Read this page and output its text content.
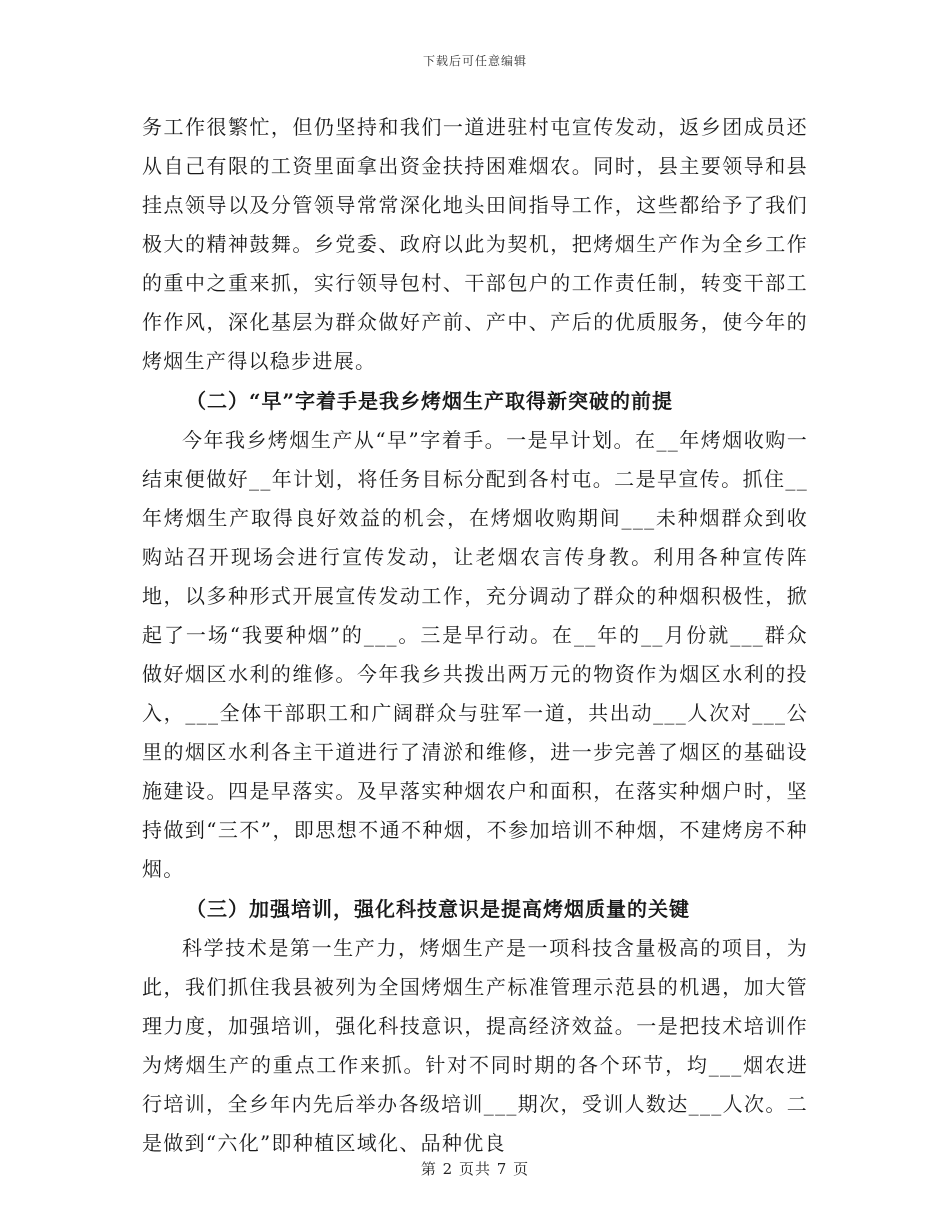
下载后可任意编辑

务工作很繁忙，但仍坚持和我们一道进驻村屯宣传发动，返乡团成员还从自己有限的工资里面拿出资金扶持困难烟农。同时，县主要领导和县挂点领导以及分管领导常常深化地头田间指导工作，这些都给予了我们极大的精神鼓舞。乡党委、政府以此为契机，把烤烟生产作为全乡工作的重中之重来抓，实行领导包村、干部包户的工作责任制，转变干部工作作风，深化基层为群众做好产前、产中、产后的优质服务，使今年的烤烟生产得以稳步进展。

（二）“早”字着手是我乡烤烟生产取得新突破的前提

今年我乡烤烟生产从“早”字着手。一是早计划。在__年烤烟收购一结束便做好__年计划，将任务目标分配到各村屯。二是早宣传。抓住__年烤烟生产取得良好效益的机会，在烤烟收购期间___未种烟群众到收购站召开现场会进行宣传发动，让老烟农言传身教。利用各种宣传阵地，以多种形式开展宣传发动工作，充分调动了群众的种烟积极性，掀起了一场“我要种烟”的___。三是早行动。在__年的__月份就___群众做好烟区水利的维修。今年我乡共拨出两万元的物资作为烟区水利的投入，___全体干部职工和广阔群众与驻军一道，共出动___人次对___公里的烟区水利各主干道进行了清淤和维修，进一步完善了烟区的基础设施建设。四是早落实。及早落实种烟农户和面积，在落实种烟户时，坚持做到“三不”，即思想不通不种烟，不参加培训不种烟，不建烤房不种烟。

（三）加强培训，强化科技意识是提高烤烟质量的关键

科学技术是第一生产力，烤烟生产是一项科技含量极高的项目，为此，我们抓住我县被列为全国烤烟生产标准管理示范县的机遇，加大管理力度，加强培训，强化科技意识，提高经济效益。一是把技术培训作为烤烟生产的重点工作来抓。针对不同时期的各个环节，均___烟农进行培训，全乡年内先后举办各级培训___期次，受训人数达___人次。二是做到“六化”即种植区域化、品种优良

第 2 页共 7 页
